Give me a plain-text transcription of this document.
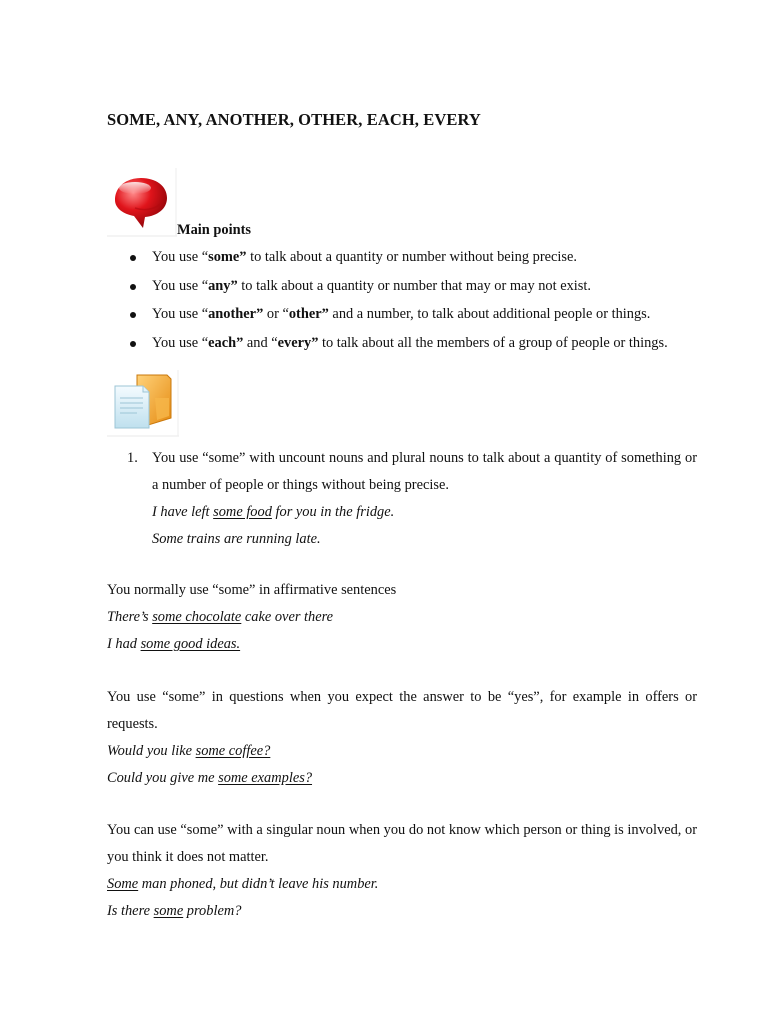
SOME, ANY, ANOTHER, OTHER, EACH, EVERY
Main points
You use “some” to talk about a quantity or number without being precise.
You use “any” to talk about a quantity or number that may or may not exist.
You use “another” or “other” and a number, to talk about additional people or things.
You use “each” and “every” to talk about all the members of a group of people or things.
1. You use “some” with uncount nouns and plural nouns to talk about a quantity of something or a number of people or things without being precise.
I have left some food for you in the fridge.
Some trains are running late.
You normally use “some” in affirmative sentences
There’s some chocolate cake over there
I had some good ideas.
You use “some” in questions when you expect the answer to be “yes”, for example in offers or requests.
Would you like some coffee?
Could you give me some examples?
You can use “some” with a singular noun when you do not know which person or thing is involved, or you think it does not matter.
Some man phoned, but didn’t leave his number.
Is there some problem?
